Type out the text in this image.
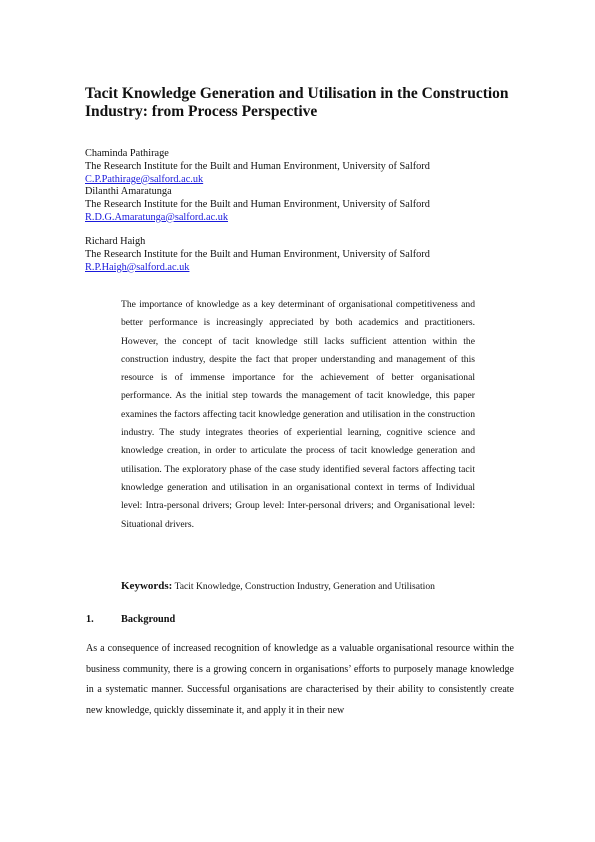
Tacit Knowledge Generation and Utilisation in the Construction Industry: from Process Perspective
Chaminda Pathirage
The Research Institute for the Built and Human Environment, University of Salford
C.P.Pathirage@salford.ac.uk
Dilanthi Amaratunga
The Research Institute for the Built and Human Environment, University of Salford
R.D.G.Amaratunga@salford.ac.uk
Richard Haigh
The Research Institute for the Built and Human Environment, University of Salford
R.P.Haigh@salford.ac.uk

The importance of knowledge as a key determinant of organisational competitiveness and better performance is increasingly appreciated by both academics and practitioners. However, the concept of tacit knowledge still lacks sufficient attention within the construction industry, despite the fact that proper understanding and management of this resource is of immense importance for the achievement of better organisational performance. As the initial step towards the management of tacit knowledge, this paper examines the factors affecting tacit knowledge generation and utilisation in the construction industry. The study integrates theories of experiential learning, cognitive science and knowledge creation, in order to articulate the process of tacit knowledge generation and utilisation. The exploratory phase of the case study identified several factors affecting tacit knowledge generation and utilisation in an organisational context in terms of Individual level: Intra-personal drivers; Group level: Inter-personal drivers; and Organisational level: Situational drivers.

Keywords: Tacit Knowledge, Construction Industry, Generation and Utilisation

1.	Background

As a consequence of increased recognition of knowledge as a valuable organisational resource within the business community, there is a growing concern in organisations’ efforts to purposely manage knowledge in a systematic manner. Successful organisations are characterised by their ability to consistently create new knowledge, quickly disseminate it, and apply it in their new
